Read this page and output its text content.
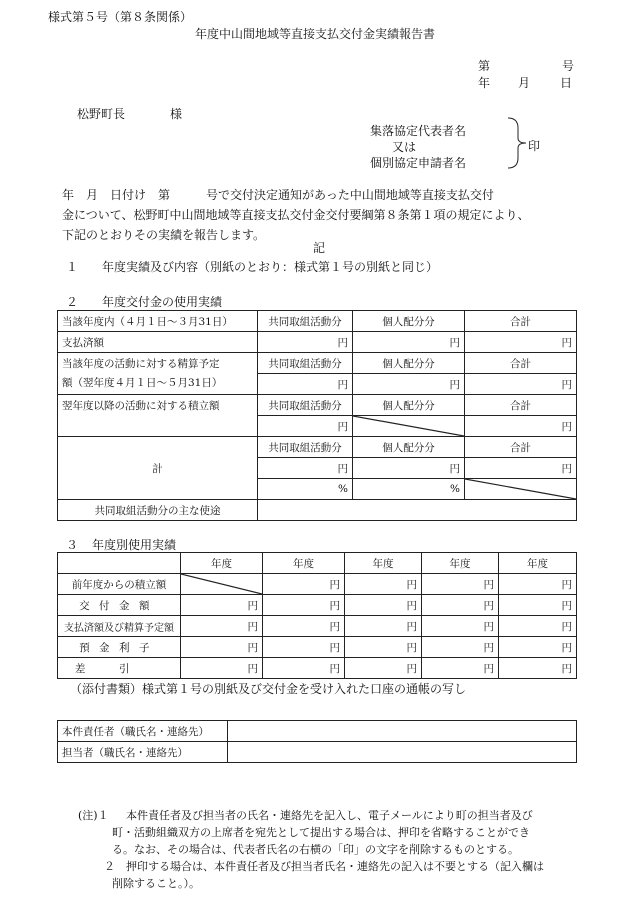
様式第５号（第８条関係）
年度中山間地域等直接支払交付金実績報告書
第	号
年 月 日
松野町長	様
集落協定代表者名
又は
個別協定申請者名
印
年　月　日付け　第　　　号で交付決定通知があった中山間地域等直接支払交付
金について、松野町中山間地域等直接支払交付金交付要綱第８条第１項の規定により、
下記のとおりその実績を報告します。
記
１ 年度実績及び内容（別紙のとおり：様式第１号の別紙と同じ）
２ 年度交付金の使用実績
当該年度内（４月１日～３月31日）	共同取組活動分	個人配分分	合計
支払済額	円	円	円

当該年度の活動に対する精算予定
額（翌年度４月１日～５月31日）	共同取組活動分	個人配分分	合計
	円	円	円
翌年度以降の活動に対する積立額	共同取組活動分	個人配分分	合計
	円		円
計	共同取組活動分	個人配分分	合計
	円	円	円
	%	%	

共同取組活動分の主な使途			
３ 年度別使用実績
	年度	年度	年度	年度	年度
前年度からの積立額		円	円	円	円
交付金額	円	円	円	円	円
支払済額及び精算予定額	円	円	円	円	円
預金利子	円	円	円	円	円
差引	円	円	円	円	円
（添付書類）様式第１号の別紙及び交付金を受け入れた口座の通帳の写し
本件責任者（職氏名・連絡先）	
担当者（職氏名・連絡先）	
(注)１ 本件責任者及び担当者の氏名・連絡先を記入し、電子メールにより町の担当者及び
町・活動組織双方の上席者を宛先として提出する場合は、押印を省略することができ
る。なお、その場合は、代表者氏名の右横の「印」の文字を削除するものとする。
２ 押印する場合は、本件責任者及び担当者氏名・連絡先の記入は不要とする（記入欄は
削除すること。）。
